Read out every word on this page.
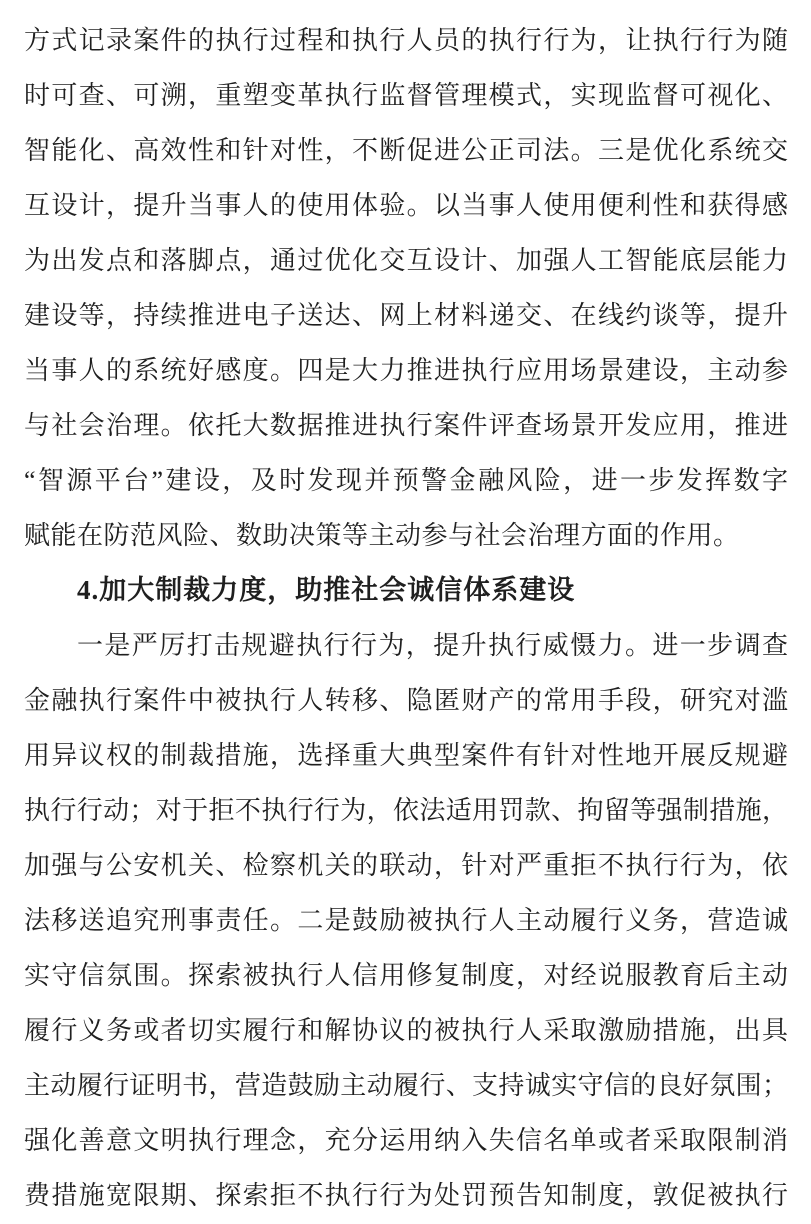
方式记录案件的执行过程和执行人员的执行行为，让执行行为随
时可查、可溯，重塑变革执行监督管理模式，实现监督可视化、
智能化、高效性和针对性，不断促进公正司法。三是优化系统交
互设计，提升当事人的使用体验。以当事人使用便利性和获得感
为出发点和落脚点，通过优化交互设计、加强人工智能底层能力
建设等，持续推进电子送达、网上材料递交、在线约谈等，提升
当事人的系统好感度。四是大力推进执行应用场景建设，主动参
与社会治理。依托大数据推进执行案件评查场景开发应用，推进
“智源平台”建设，及时发现并预警金融风险，进一步发挥数字
赋能在防范风险、数助决策等主动参与社会治理方面的作用。
4.加大制裁力度，助推社会诚信体系建设
一是严厉打击规避执行行为，提升执行威慑力。进一步调查
金融执行案件中被执行人转移、隐匿财产的常用手段，研究对滥
用异议权的制裁措施，选择重大典型案件有针对性地开展反规避
执行行动；对于拒不执行行为，依法适用罚款、拘留等强制措施，
加强与公安机关、检察机关的联动，针对严重拒不执行行为，依
法移送追究刑事责任。二是鼓励被执行人主动履行义务，营造诚
实守信氛围。探索被执行人信用修复制度，对经说服教育后主动
履行义务或者切实履行和解协议的被执行人采取激励措施，出具
主动履行证明书，营造鼓励主动履行、支持诚实守信的良好氛围；
强化善意文明执行理念，充分运用纳入失信名单或者采取限制消
费措施宽限期、探索拒不执行行为处罚预告知制度，敦促被执行
